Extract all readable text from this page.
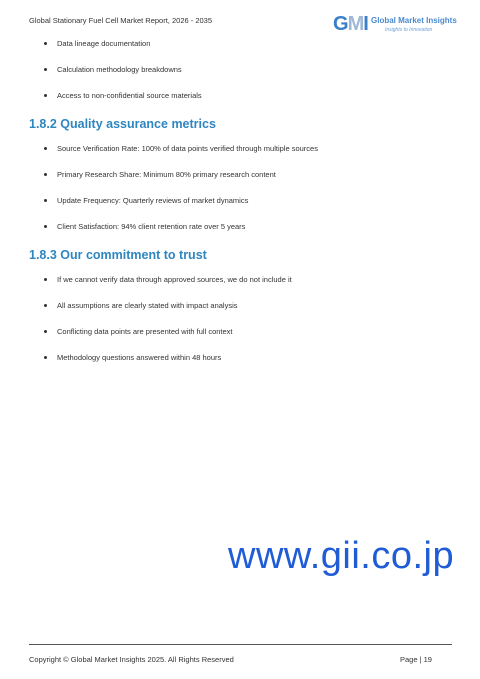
Global Stationary Fuel Cell Market Report, 2026 - 2035	GMI Global Market Insights
Insights to Innovation
Data lineage documentation
Calculation methodology breakdowns
Access to non-confidential source materials
1.8.2 Quality assurance metrics
Source Verification Rate: 100% of data points verified through multiple sources
Primary Research Share: Minimum 80% primary research content
Update Frequency: Quarterly reviews of market dynamics
Client Satisfaction: 94% client retention rate over 5 years
1.8.3 Our commitment to trust
If we cannot verify data through approved sources, we do not include it
All assumptions are clearly stated with impact analysis
Conflicting data points are presented with full context
Methodology questions answered within 48 hours
www.gii.co.jp
Copyright © Global Market Insights 2025. All Rights Reserved	Page | 19
